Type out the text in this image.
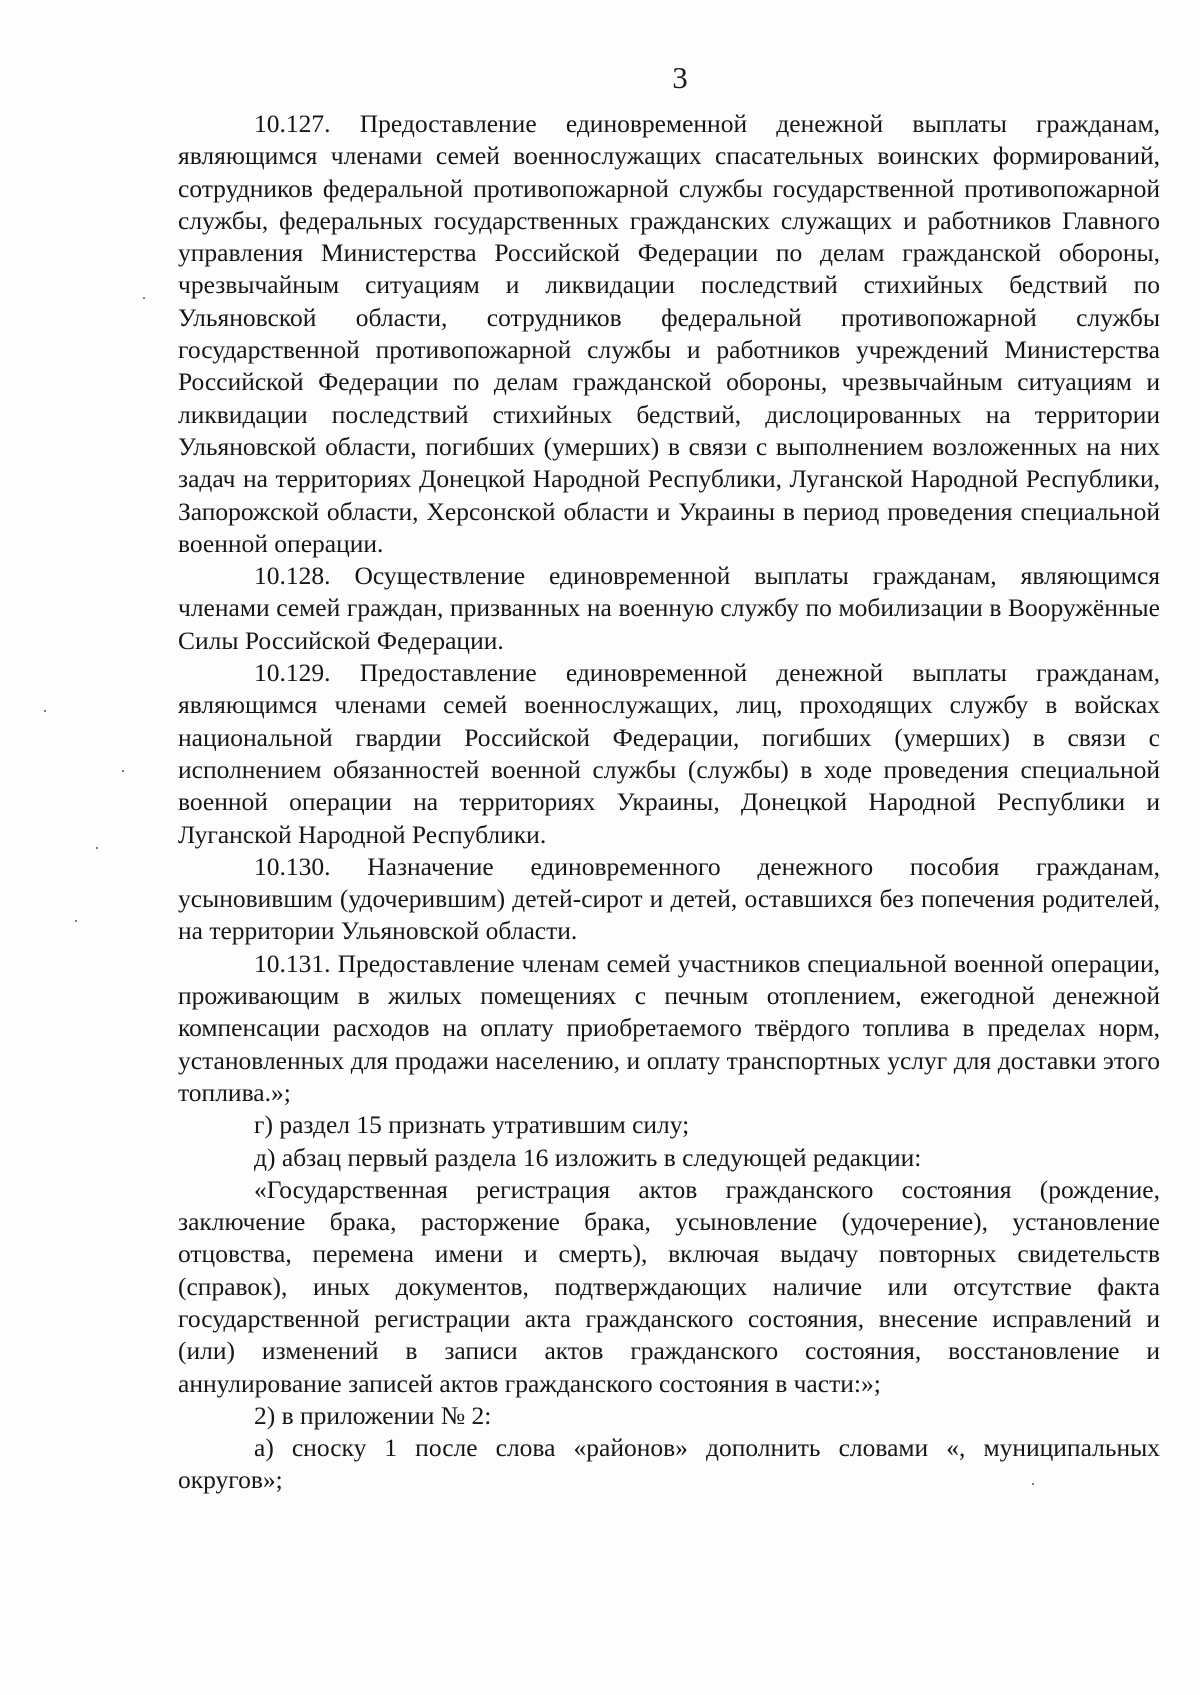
3

10.127. Предоставление единовременной денежной выплаты гражданам, являющимся членами семей военнослужащих спасательных воинских формирований, сотрудников федеральной противопожарной службы государственной противопожарной службы, федеральных государственных гражданских служащих и работников Главного управления Министерства Российской Федерации по делам гражданской обороны, чрезвычайным ситуациям и ликвидации последствий стихийных бедствий по Ульяновской области, сотрудников федеральной противопожарной службы государственной противопожарной службы и работников учреждений Министерства Российской Федерации по делам гражданской обороны, чрезвычайным ситуациям и ликвидации последствий стихийных бедствий, дислоцированных на территории Ульяновской области, погибших (умерших) в связи с выполнением возложенных на них задач на территориях Донецкой Народной Республики, Луганской Народной Республики, Запорожской области, Херсонской области и Украины в период проведения специальной военной операции.

10.128. Осуществление единовременной выплаты гражданам, являющимся членами семей граждан, призванных на военную службу по мобилизации в Вооружённые Силы Российской Федерации.

10.129. Предоставление единовременной денежной выплаты гражданам, являющимся членами семей военнослужащих, лиц, проходящих службу в войсках национальной гвардии Российской Федерации, погибших (умерших) в связи с исполнением обязанностей военной службы (службы) в ходе проведения специальной военной операции на территориях Украины, Донецкой Народной Республики и Луганской Народной Республики.

10.130. Назначение единовременного денежного пособия гражданам, усыновившим (удочерившим) детей-сирот и детей, оставшихся без попечения родителей, на территории Ульяновской области.

10.131. Предоставление членам семей участников специальной военной операции, проживающим в жилых помещениях с печным отоплением, ежегодной денежной компенсации расходов на оплату приобретаемого твёрдого топлива в пределах норм, установленных для продажи населению, и оплату транспортных услуг для доставки этого топлива.»;

г) раздел 15 признать утратившим силу;

д) абзац первый раздела 16 изложить в следующей редакции:

«Государственная регистрация актов гражданского состояния (рождение, заключение брака, расторжение брака, усыновление (удочерение), установление отцовства, перемена имени и смерть), включая выдачу повторных свидетельств (справок), иных документов, подтверждающих наличие или отсутствие факта государственной регистрации акта гражданского состояния, внесение исправлений и (или) изменений в записи актов гражданского состояния, восстановление и аннулирование записей актов гражданского состояния в части:»;

2) в приложении № 2:

а) сноску 1 после слова «районов» дополнить словами «, муниципальных округов»;
